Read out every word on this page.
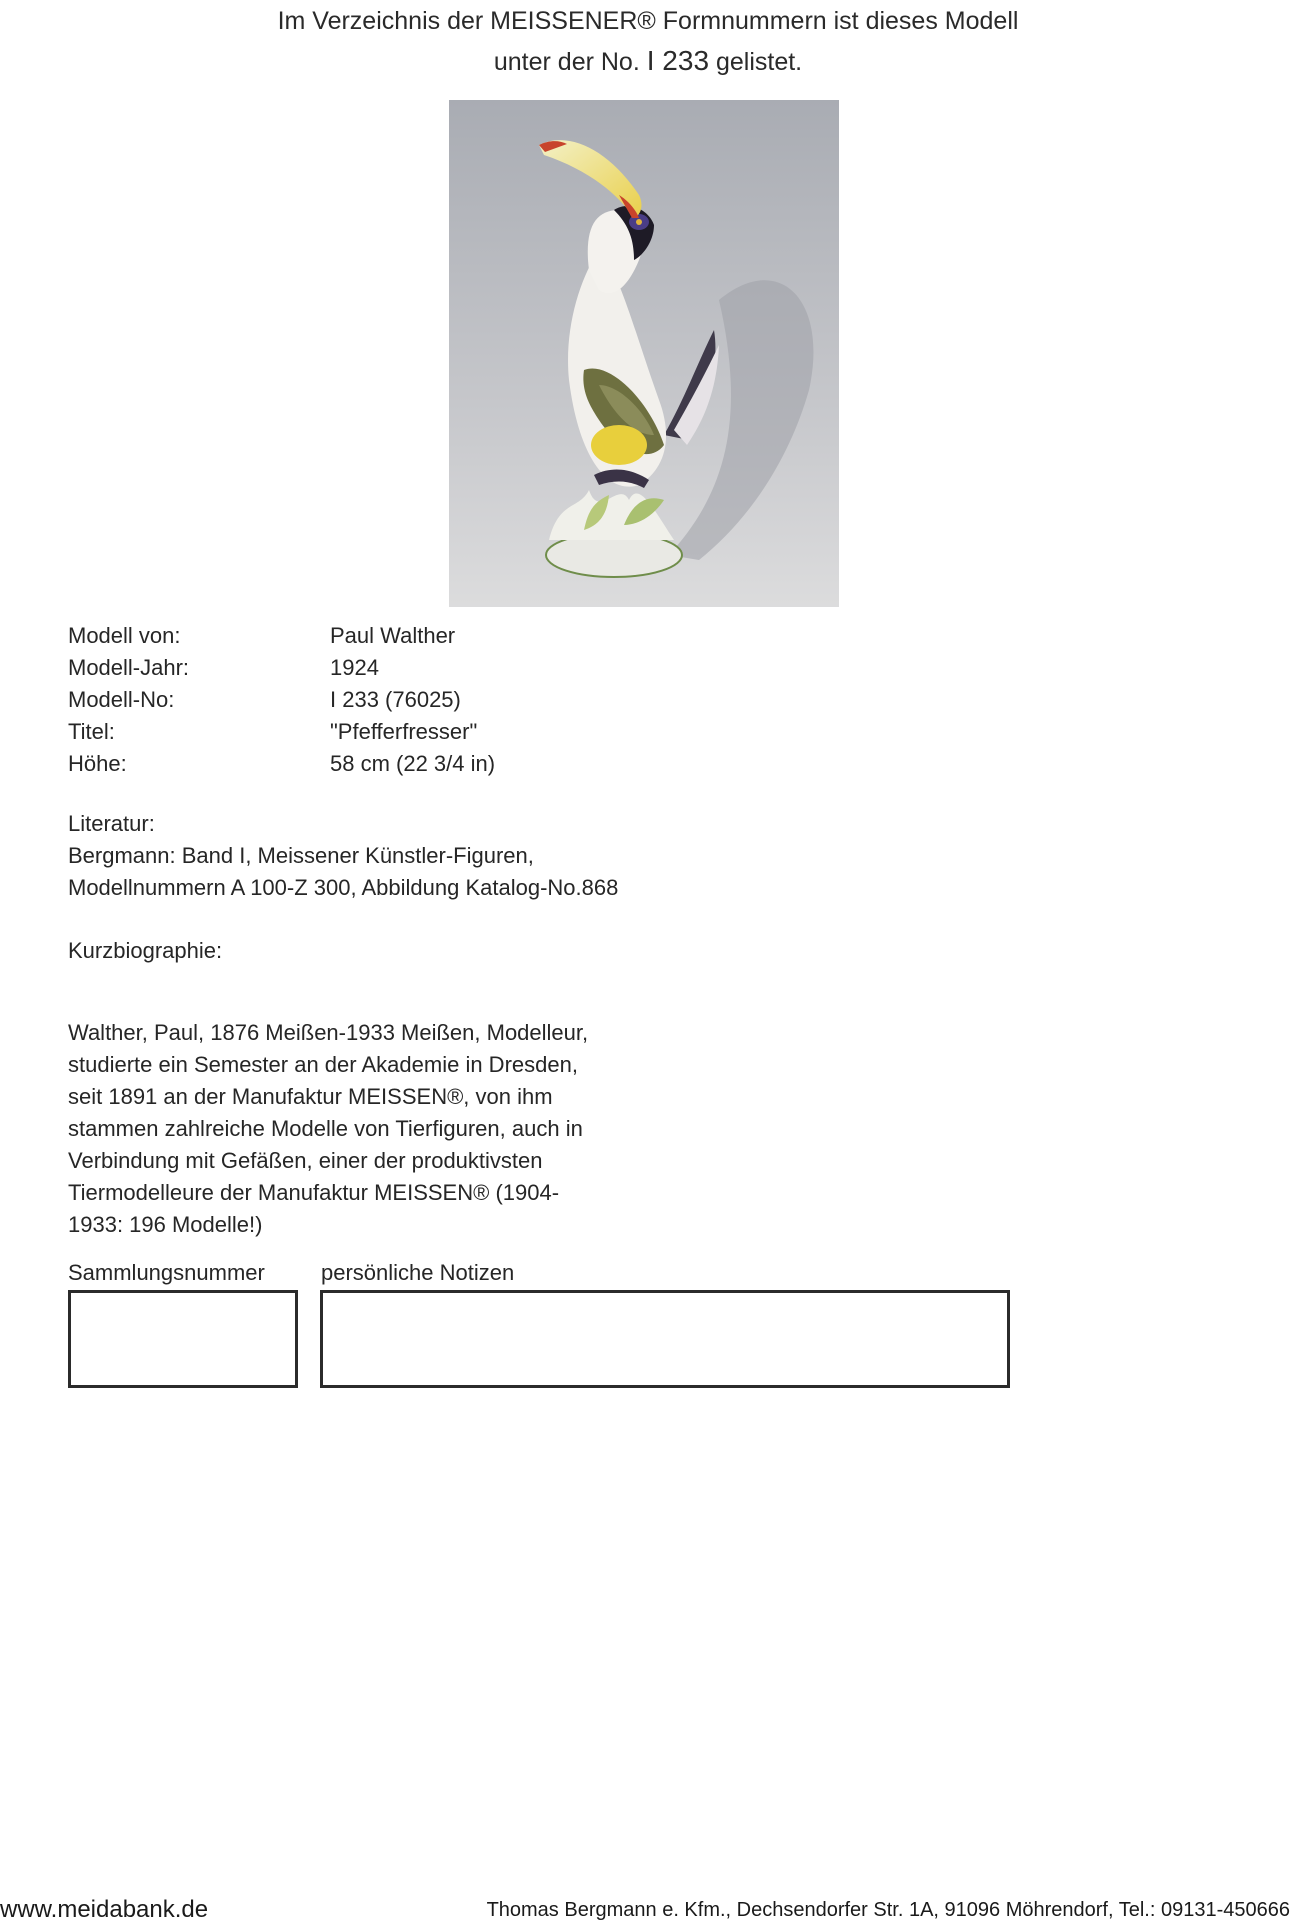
Im Verzeichnis der MEISSENER® Formnummern ist dieses Modell
unter der No. I 233 gelistet.
Modell von:	Paul Walther
Modell-Jahr:	1924
Modell-No:	I 233 (76025)
Titel:	"Pfefferfresser"
Höhe:	58 cm (22 3/4 in)
Literatur:
Bergmann: Band I, Meissener Künstler-Figuren,
Modellnummern A 100-Z 300, Abbildung Katalog-No.868
Kurzbiographie:
Walther, Paul, 1876 Meißen-1933 Meißen, Modelleur,
studierte ein Semester an der Akademie in Dresden,
seit 1891 an der Manufaktur MEISSEN®, von ihm
stammen zahlreiche Modelle von Tierfiguren, auch in
Verbindung mit Gefäßen, einer der produktivsten
Tiermodelleure der Manufaktur MEISSEN® (1904-
1933: 196 Modelle!)
Sammlungsnummer	persönliche Notizen
www.meidabank.de	Thomas Bergmann e. Kfm., Dechsendorfer Str. 1A, 91096 Möhrendorf, Tel.: 09131-450666
